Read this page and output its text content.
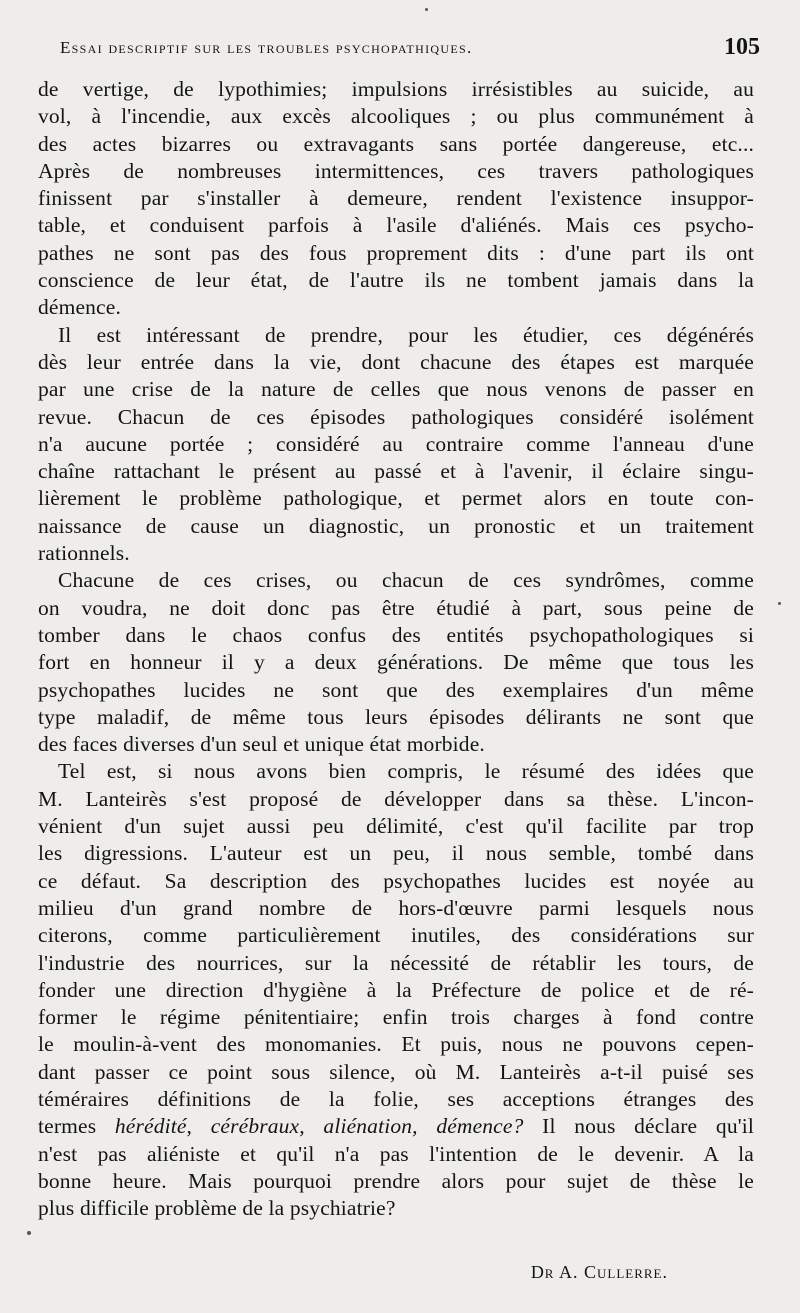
Essai descriptif sur les troubles psychopathiques.	105
de vertige, de lypothimies; impulsions irrésistibles au suicide, au
vol, à l'incendie, aux excès alcooliques ; ou plus communément à
des actes bizarres ou extravagants sans portée dangereuse, etc...
Après de nombreuses intermittences, ces travers pathologiques
finissent par s'installer à demeure, rendent l'existence insuppor-
table, et conduisent parfois à l'asile d'aliénés. Mais ces psycho-
pathes ne sont pas des fous proprement dits : d'une part ils ont
conscience de leur état, de l'autre ils ne tombent jamais dans la
démence.
Il est intéressant de prendre, pour les étudier, ces dégénérés
dès leur entrée dans la vie, dont chacune des étapes est marquée
par une crise de la nature de celles que nous venons de passer en
revue. Chacun de ces épisodes pathologiques considéré isolément
n'a aucune portée ; considéré au contraire comme l'anneau d'une
chaîne rattachant le présent au passé et à l'avenir, il éclaire singu-
lièrement le problème pathologique, et permet alors en toute con-
naissance de cause un diagnostic, un pronostic et un traitement
rationnels.
Chacune de ces crises, ou chacun de ces syndrômes, comme
on voudra, ne doit donc pas être étudié à part, sous peine de
tomber dans le chaos confus des entités psychopathologiques si
fort en honneur il y a deux générations. De même que tous les
psychopathes lucides ne sont que des exemplaires d'un même
type maladif, de même tous leurs épisodes délirants ne sont que
des faces diverses d'un seul et unique état morbide.
Tel est, si nous avons bien compris, le résumé des idées que
M. Lanteirès s'est proposé de développer dans sa thèse. L'incon-
vénient d'un sujet aussi peu délimité, c'est qu'il facilite par trop
les digressions. L'auteur est un peu, il nous semble, tombé dans
ce défaut. Sa description des psychopathes lucides est noyée au
milieu d'un grand nombre de hors-d'œuvre parmi lesquels nous
citerons, comme particulièrement inutiles, des considérations sur
l'industrie des nourrices, sur la nécessité de rétablir les tours, de
fonder une direction d'hygiène à la Préfecture de police et de ré-
former le régime pénitentiaire; enfin trois charges à fond contre
le moulin-à-vent des monomanies. Et puis, nous ne pouvons cepen-
dant passer ce point sous silence, où M. Lanteirès a-t-il puisé ses
téméraires définitions de la folie, ses acceptions étranges des
termes hérédité, cérébraux, aliénation, démence? Il nous déclare qu'il
n'est pas aliéniste et qu'il n'a pas l'intention de le devenir. A la
bonne heure. Mais pourquoi prendre alors pour sujet de thèse le
plus difficile problème de la psychiatrie?
Dr A. Cullerre.
